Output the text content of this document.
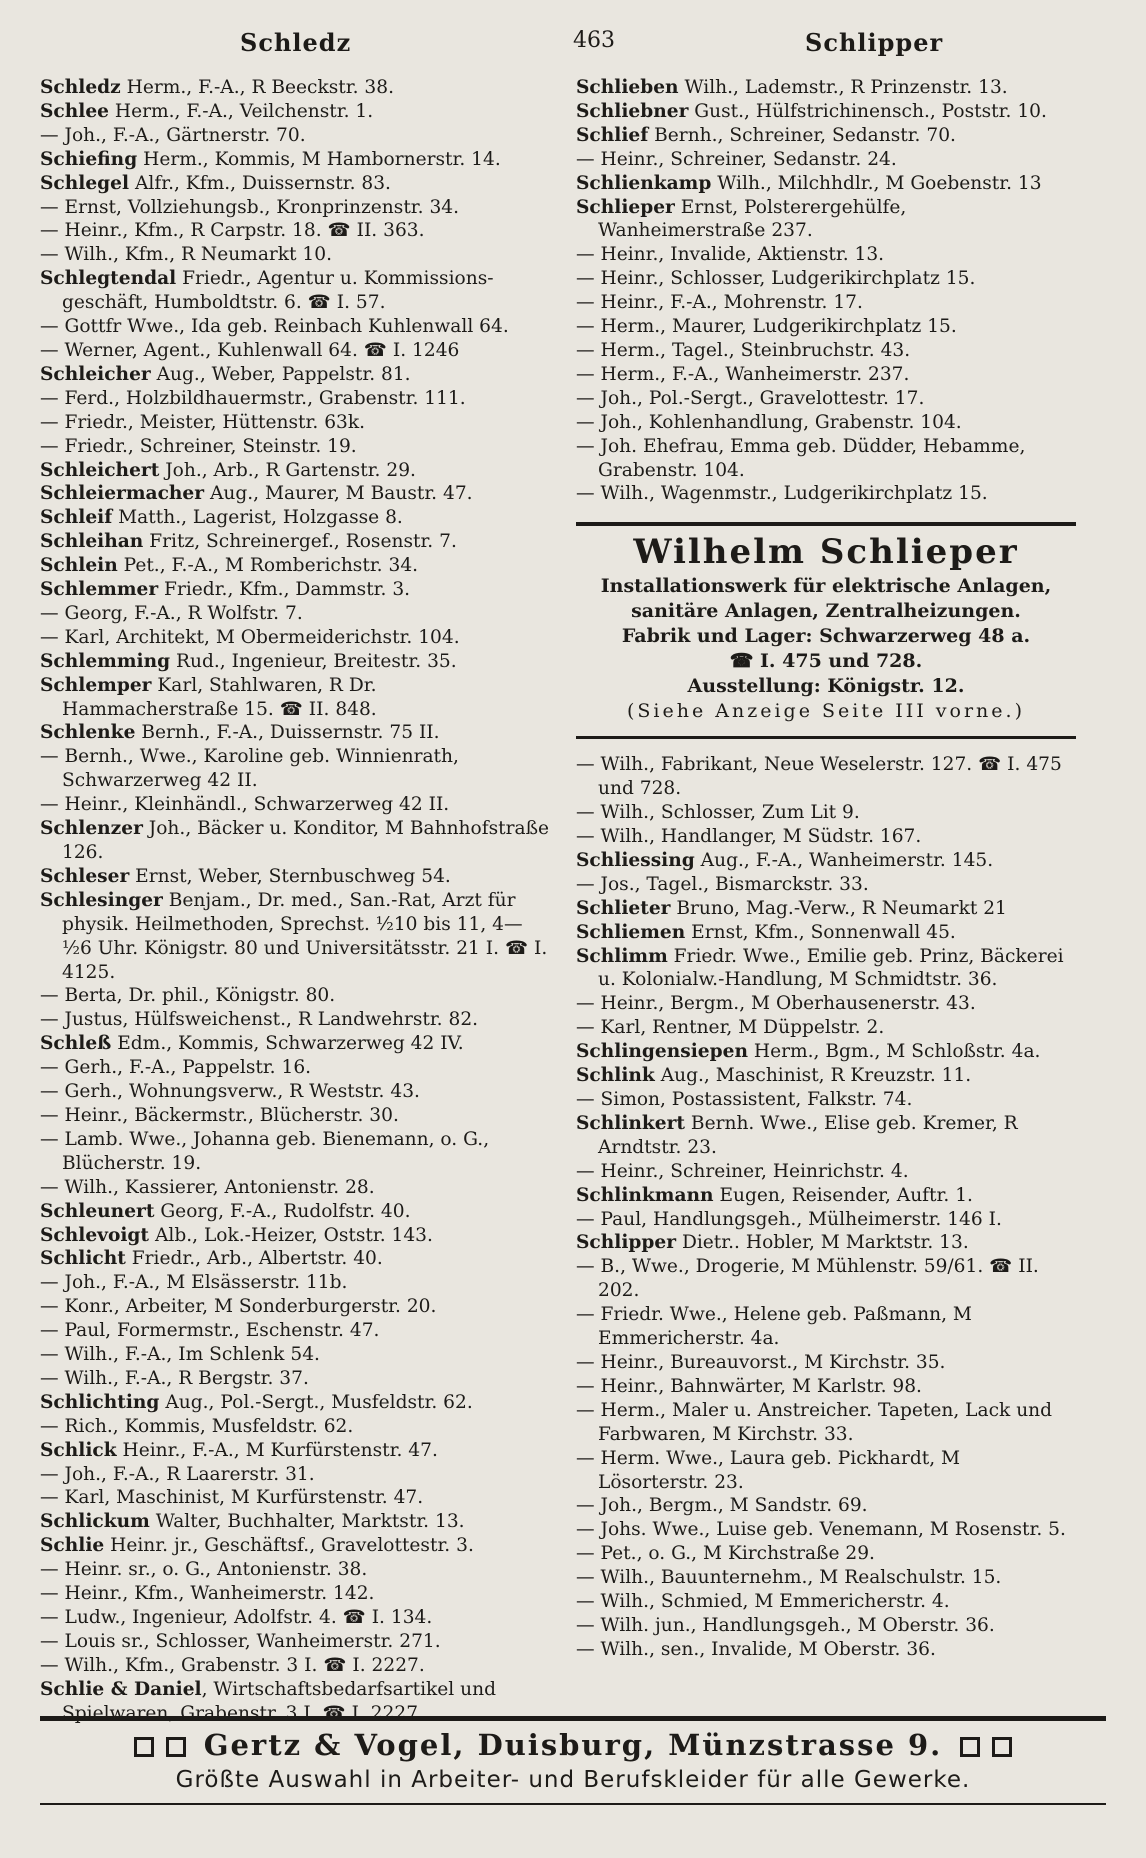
Schledz	463	Schlipper
Schledz Herm., F.-A., R Beeckstr. 38.
Schlee Herm., F.-A., Veilchenstr. 1.
— Joh., F.-A., Gärtnerstr. 70.
Schiefing Herm., Kommis, M Hambornerstr. 14.
Schlegel Alfr., Kfm., Duissernstr. 83.
— Ernst, Vollziehungsb., Kronprinzenstr. 34.
— Heinr., Kfm., R Carpstr. 18. ☎ II. 363.
— Wilh., Kfm., R Neumarkt 10.
Schlegtendal Friedr., Agentur u. Kommissions- geschäft, Humboldtstr. 6. ☎ I. 57.
— Gottfr Wwe., Ida geb. Reinbach Kuhlenwall 64.
— Werner, Agent., Kuhlenwall 64. ☎ I. 1246
Schleicher Aug., Weber, Pappelstr. 81.
— Ferd., Holzbildhauermstr., Grabenstr. 111.
— Friedr., Meister, Hüttenstr. 63k.
— Friedr., Schreiner, Steinstr. 19.
Schleichert Joh., Arb., R Gartenstr. 29.
Schleiermacher Aug., Maurer, M Baustr. 47.
Schleif Matth., Lagerist, Holzgasse 8.
Schleihan Fritz, Schreinergef., Rosenstr. 7.
Schlein Pet., F.-A., M Romberichstr. 34.
Schlemmer Friedr., Kfm., Dammstr. 3.
— Georg, F.-A., R Wolfstr. 7.
— Karl, Architekt, M Obermeiderichstr. 104.
Schlemming Rud., Ingenieur, Breitestr. 35.
Schlemper Karl, Stahlwaren, R Dr. Hammacherstraße 15. ☎ II. 848.
Schlenke Bernh., F.-A., Duissernstr. 75 II.
— Bernh., Wwe., Karoline geb. Winnienrath, Schwarzerweg 42 II.
— Heinr., Kleinhändl., Schwarzerweg 42 II.
Schlenzer Joh., Bäcker u. Konditor, M Bahnhofstraße 126.
Schleser Ernst, Weber, Sternbuschweg 54.
Schlesinger Benjam., Dr. med., San.-Rat, Arzt für physik. Heilmethoden, Sprechst. ½10 bis 11, 4—½6 Uhr. Königstr. 80 und Universitätsstr. 21 I. ☎ I. 4125.
— Berta, Dr. phil., Königstr. 80.
— Justus, Hülfsweichenst., R Landwehrstr. 82.
Schleß Edm., Kommis, Schwarzerweg 42 IV.
— Gerh., F.-A., Pappelstr. 16.
— Gerh., Wohnungsverw., R Weststr. 43.
— Heinr., Bäckermstr., Blücherstr. 30.
— Lamb. Wwe., Johanna geb. Bienemann, o. G., Blücherstr. 19.
— Wilh., Kassierer, Antonienstr. 28.
Schleunert Georg, F.-A., Rudolfstr. 40.
Schlevoigt Alb., Lok.-Heizer, Oststr. 143.
Schlicht Friedr., Arb., Albertstr. 40.
— Joh., F.-A., M Elsässerstr. 11b.
— Konr., Arbeiter, M Sonderburgerstr. 20.
— Paul, Formermstr., Eschenstr. 47.
— Wilh., F.-A., Im Schlenk 54.
— Wilh., F.-A., R Bergstr. 37.
Schlichting Aug., Pol.-Sergt., Musfeldstr. 62.
— Rich., Kommis, Musfeldstr. 62.
Schlick Heinr., F.-A., M Kurfürstenstr. 47.
— Joh., F.-A., R Laarerstr. 31.
— Karl, Maschinist, M Kurfürstenstr. 47.
Schlickum Walter, Buchhalter, Marktstr. 13.
Schlie Heinr. jr., Geschäftsf., Gravelottestr. 3.
— Heinr. sr., o. G., Antonienstr. 38.
— Heinr., Kfm., Wanheimerstr. 142.
— Ludw., Ingenieur, Adolfstr. 4. ☎ I. 134.
— Louis sr., Schlosser, Wanheimerstr. 271.
— Wilh., Kfm., Grabenstr. 3 I. ☎ I. 2227.
Schlie & Daniel, Wirtschaftsbedarfsartikel und Spielwaren, Grabenstr. 3 I. ☎ I. 2227.
Schlieben Wilh., Lademstr., R Prinzenstr. 13.
Schliebner Gust., Hülfstrichinensch., Poststr. 10.
Schlief Bernh., Schreiner, Sedanstr. 70.
— Heinr., Schreiner, Sedanstr. 24.
Schlienkamp Wilh., Milchhdlr., M Goebenstr. 13
Schlieper Ernst, Polsterergehülfe, Wanheimerstraße 237.
— Heinr., Invalide, Aktienstr. 13.
— Heinr., Schlosser, Ludgerikirchplatz 15.
— Heinr., F.-A., Mohrenstr. 17.
— Herm., Maurer, Ludgerikirchplatz 15.
— Herm., Tagel., Steinbruchstr. 43.
— Herm., F.-A., Wanheimerstr. 237.
— Joh., Pol.-Sergt., Gravelottestr. 17.
— Joh., Kohlenhandlung, Grabenstr. 104.
— Joh. Ehefrau, Emma geb. Düdder, Hebamme, Grabenstr. 104.
— Wilh., Wagenmstr., Ludgerikirchplatz 15.
Wilhelm Schlieper
Installationswerk für elektrische Anlagen,
sanitäre Anlagen, Zentralheizungen.
Fabrik und Lager: Schwarzerweg 48 a.
☎ I. 475 und 728.
Ausstellung: Königstr. 12.
(Siehe Anzeige Seite III vorne.)
— Wilh., Fabrikant, Neue Weselerstr. 127. ☎ I. 475 und 728.
— Wilh., Schlosser, Zum Lit 9.
— Wilh., Handlanger, M Südstr. 167.
Schliessing Aug., F.-A., Wanheimerstr. 145.
— Jos., Tagel., Bismarckstr. 33.
Schlieter Bruno, Mag.-Verw., R Neumarkt 21
Schliemen Ernst, Kfm., Sonnenwall 45.
Schlimm Friedr. Wwe., Emilie geb. Prinz, Bäckerei u. Kolonialw.-Handlung, M Schmidtstr. 36.
— Heinr., Bergm., M Oberhausenerstr. 43.
— Karl, Rentner, M Düppelstr. 2.
Schlingensiepen Herm., Bgm., M Schloßstr. 4a.
Schlink Aug., Maschinist, R Kreuzstr. 11.
— Simon, Postassistent, Falkstr. 74.
Schlinkert Bernh. Wwe., Elise geb. Kremer, R Arndtstr. 23.
— Heinr., Schreiner, Heinrichstr. 4.
Schlinkmann Eugen, Reisender, Auftr. 1.
— Paul, Handlungsgeh., Mülheimerstr. 146 I.
Schlipper Dietr.. Hobler, M Marktstr. 13.
— B., Wwe., Drogerie, M Mühlenstr. 59/61. ☎ II. 202.
— Friedr. Wwe., Helene geb. Paßmann, M Emmericherstr. 4a.
— Heinr., Bureauvorst., M Kirchstr. 35.
— Heinr., Bahnwärter, M Karlstr. 98.
— Herm., Maler u. Anstreicher. Tapeten, Lack und Farbwaren, M Kirchstr. 33.
— Herm. Wwe., Laura geb. Pickhardt, M Lösorterstr. 23.
— Joh., Bergm., M Sandstr. 69.
— Johs. Wwe., Luise geb. Venemann, M Rosenstr. 5.
— Pet., o. G., M Kirchstraße 29.
— Wilh., Bauunternehm., M Realschulstr. 15.
— Wilh., Schmied, M Emmericherstr. 4.
— Wilh. jun., Handlungsgeh., M Oberstr. 36.
— Wilh., sen., Invalide, M Oberstr. 36.
Gertz & Vogel, Duisburg, Münzstrasse 9.
Größte Auswahl in Arbeiter- und Berufskleider für alle Gewerke.
